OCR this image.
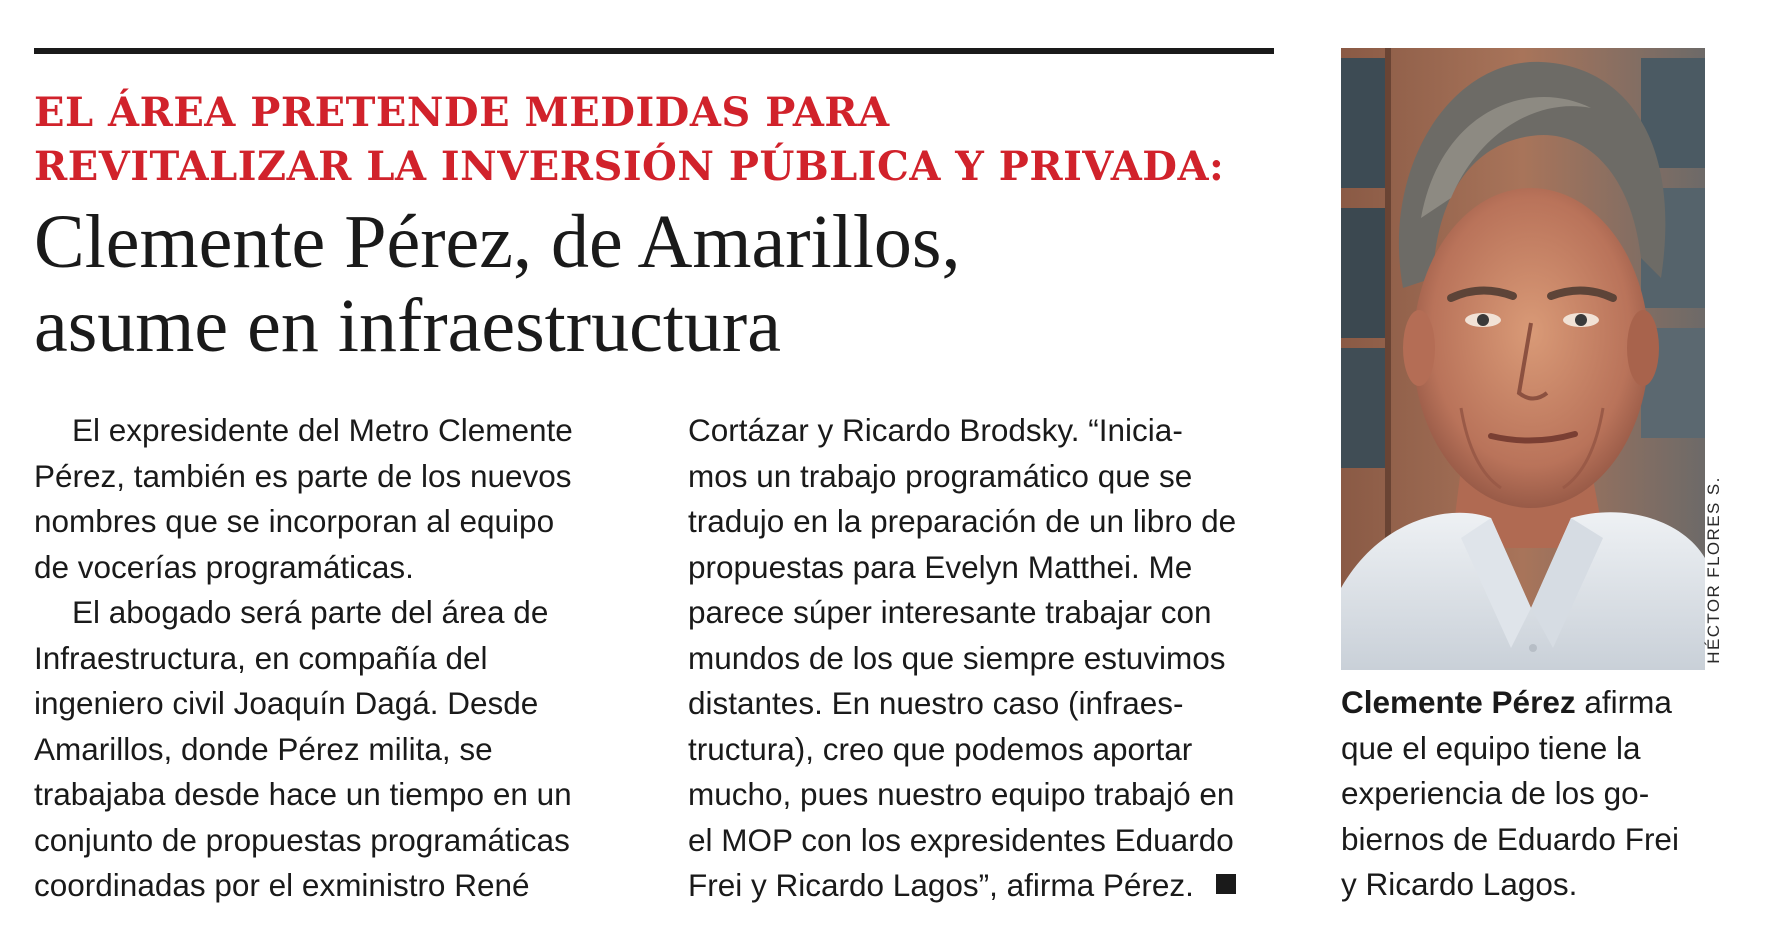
EL ÁREA PRETENDE MEDIDAS PARA
REVITALIZAR LA INVERSIÓN PÚBLICA Y PRIVADA:
Clemente Pérez, de Amarillos,
asume en infraestructura
El expresidente del Metro Clemente
Pérez, también es parte de los nuevos
nombres que se incorporan al equipo
de vocerías programáticas.
El abogado será parte del área de
Infraestructura, en compañía del
ingeniero civil Joaquín Dagá. Desde
Amarillos, donde Pérez milita, se
trabajaba desde hace un tiempo en un
conjunto de propuestas programáticas
coordinadas por el exministro René
Cortázar y Ricardo Brodsky. “Inicia-
mos un trabajo programático que se
tradujo en la preparación de un libro de
propuestas para Evelyn Matthei. Me
parece súper interesante trabajar con
mundos de los que siempre estuvimos
distantes. En nuestro caso (infraes-
tructura), creo que podemos aportar
mucho, pues nuestro equipo trabajó en
el MOP con los expresidentes Eduardo
Frei y Ricardo Lagos”, afirma Pérez.
HÉCTOR FLORES S.
Clemente Pérez afirma
que el equipo tiene la
experiencia de los go-
biernos de Eduardo Frei
y Ricardo Lagos.
